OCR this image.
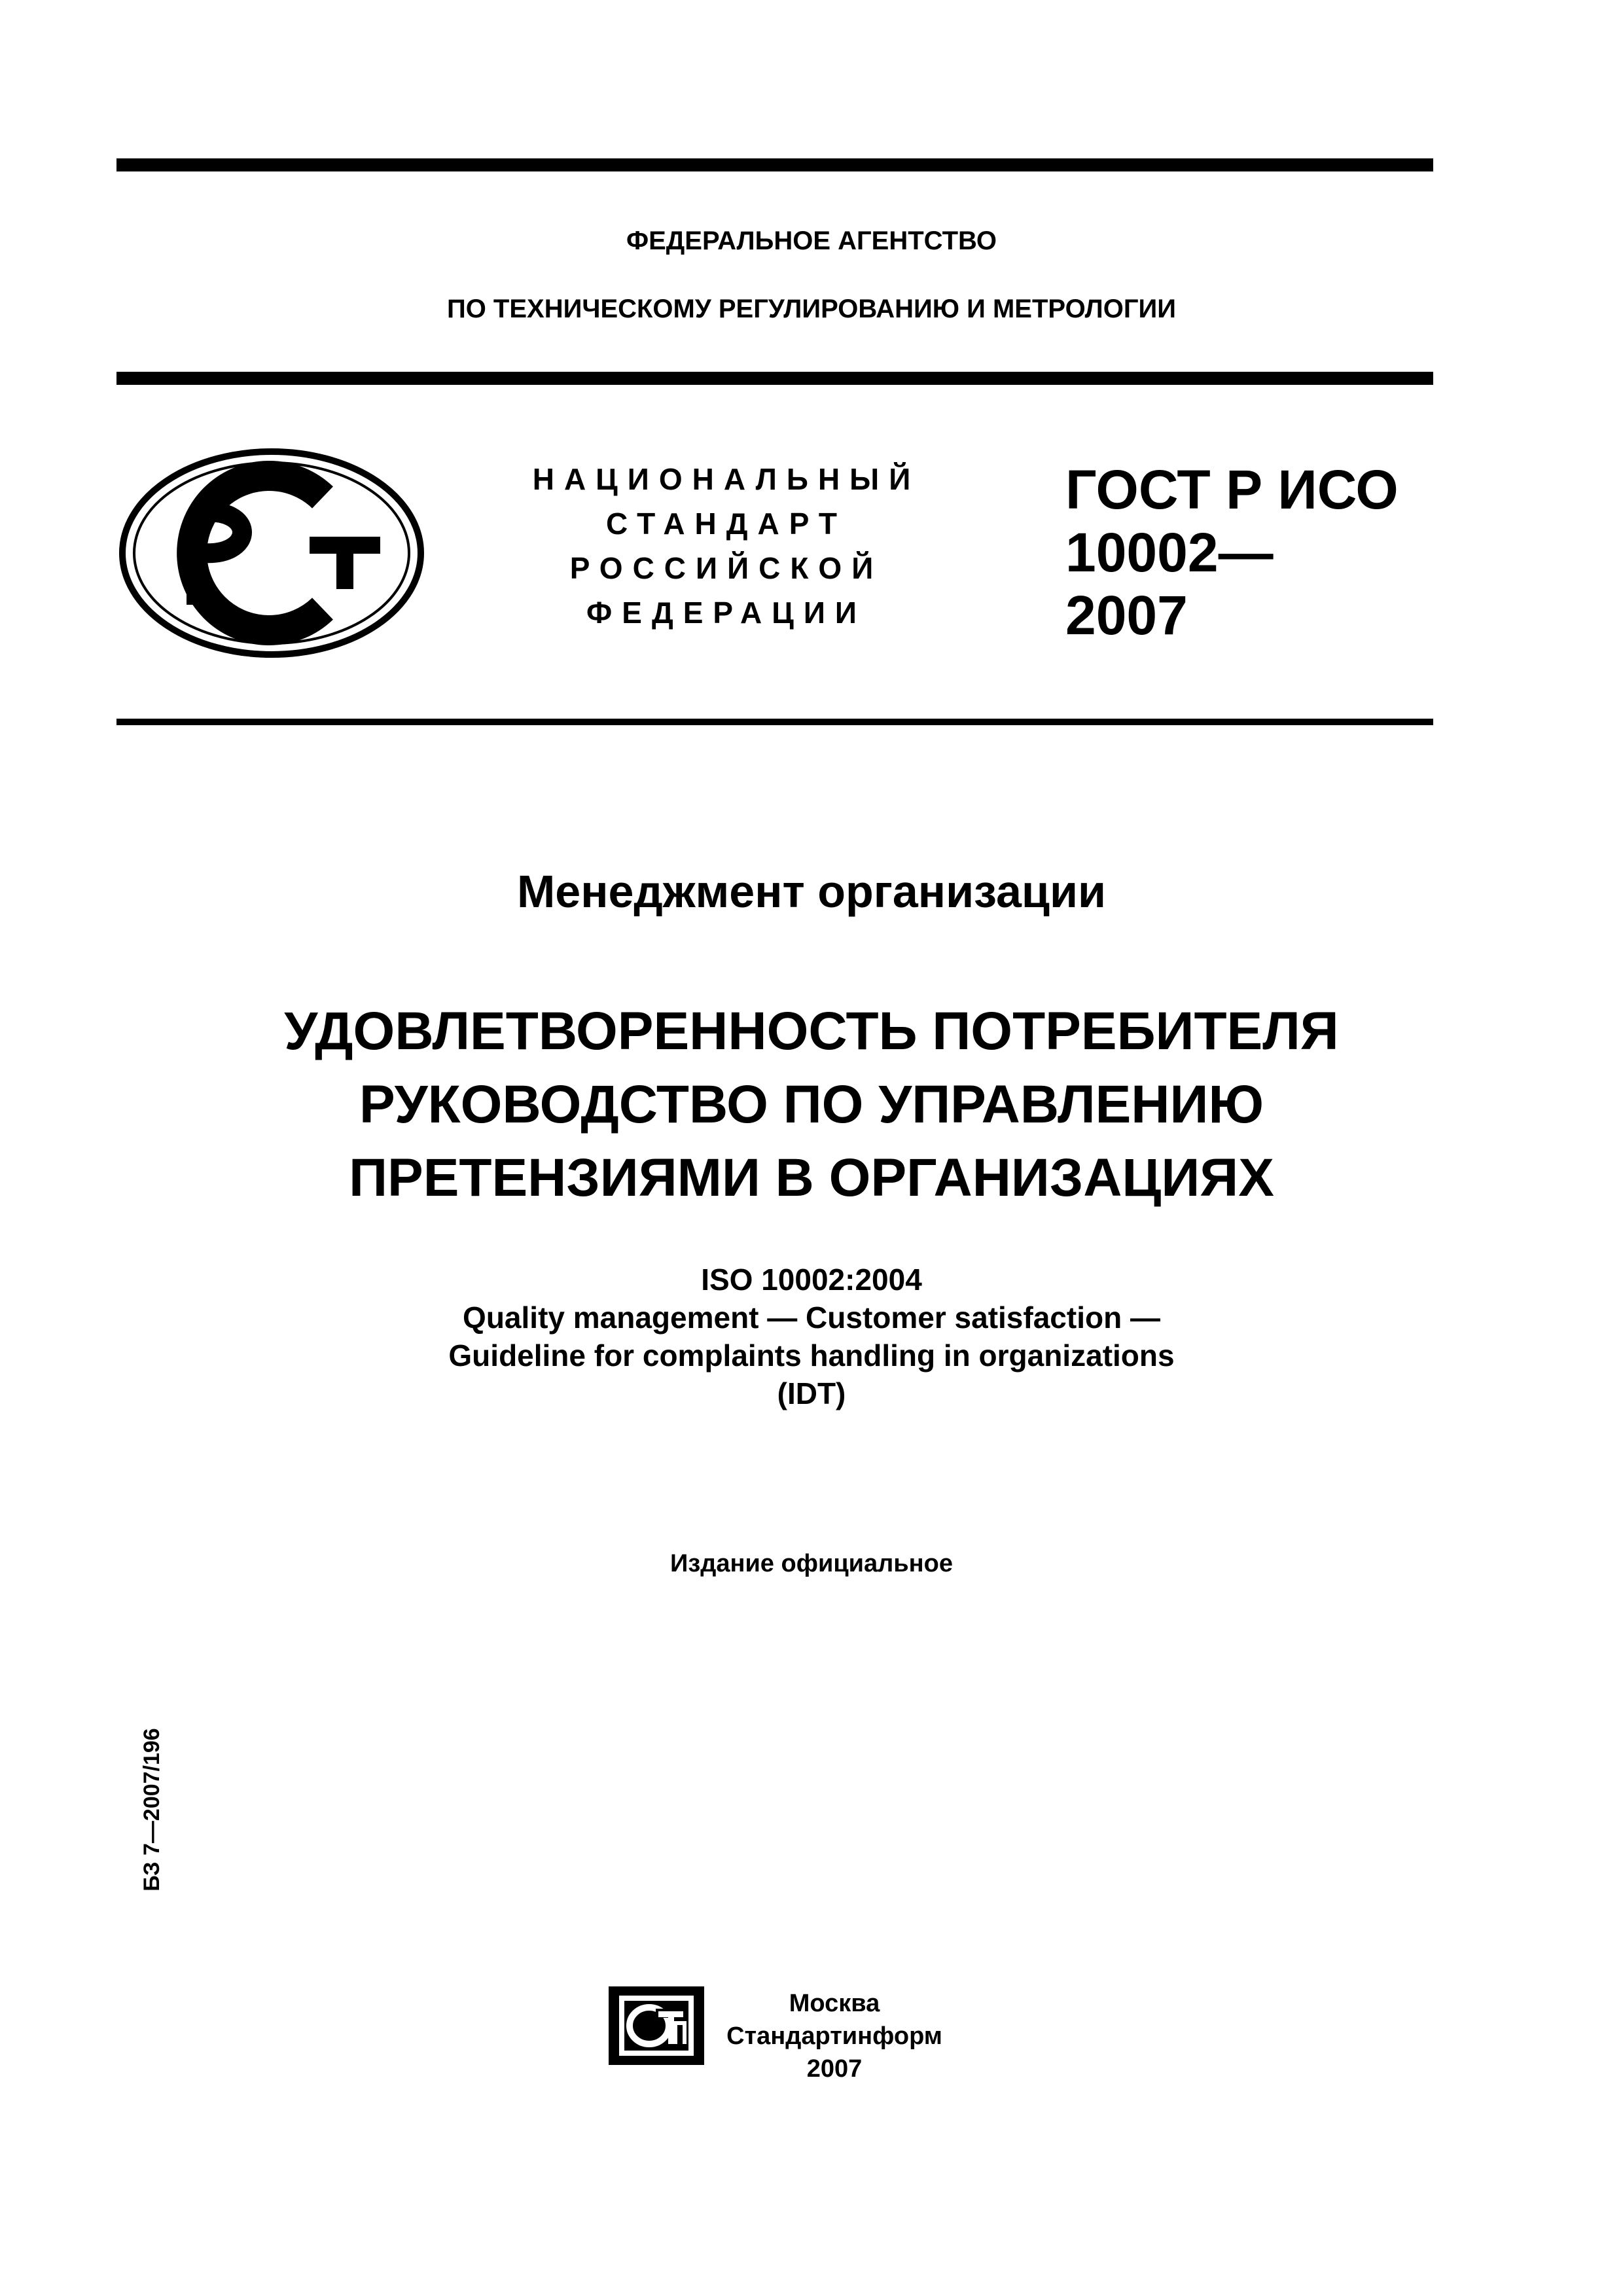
ФЕДЕРАЛЬНОЕ АГЕНТСТВО
ПО ТЕХНИЧЕСКОМУ РЕГУЛИРОВАНИЮ И МЕТРОЛОГИИ
НАЦИОНАЛЬНЫЙ
СТАНДАРТ
РОССИЙСКОЙ
ФЕДЕРАЦИИ
ГОСТ Р ИСО
10002—
2007
Менеджмент организации
УДОВЛЕТВОРЕННОСТЬ ПОТРЕБИТЕЛЯ
РУКОВОДСТВО ПО УПРАВЛЕНИЮ
ПРЕТЕНЗИЯМИ В ОРГАНИЗАЦИЯХ
ISO 10002:2004
Quality management — Customer satisfaction —
Guideline for complaints handling in organizations
(IDT)
Издание официальное
БЗ 7—2007/196
Москва
Стандартинформ
2007
